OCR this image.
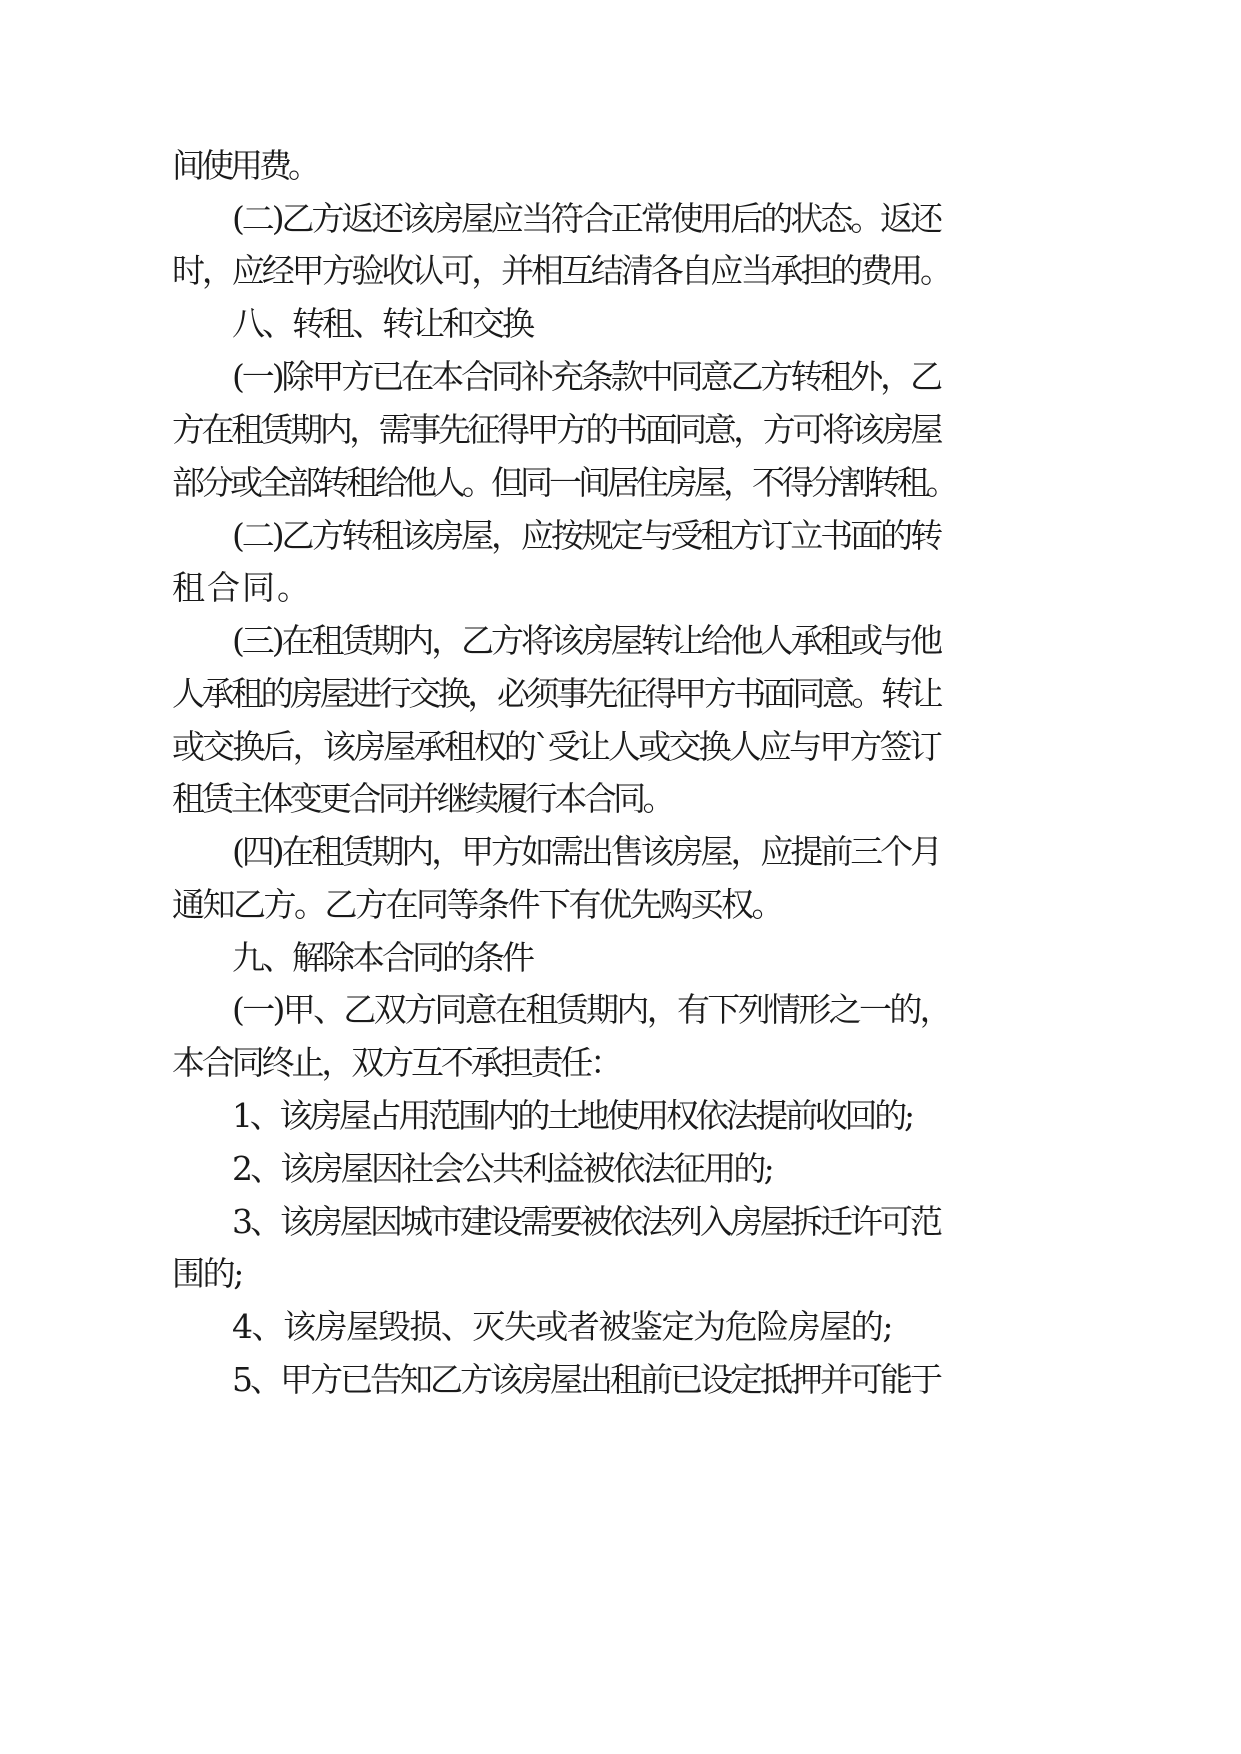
间使用费。
(二)乙方返还该房屋应当符合正常使用后的状态。返还
时，应经甲方验收认可，并相互结清各自应当承担的费用。
八、转租、转让和交换
(一)除甲方已在本合同补充条款中同意乙方转租外，乙
方在租赁期内，需事先征得甲方的书面同意，方可将该房屋
部分或全部转租给他人。但同一间居住房屋，不得分割转租。
(二)乙方转租该房屋，应按规定与受租方订立书面的转
租合同。
(三)在租赁期内，乙方将该房屋转让给他人承租或与他
人承租的房屋进行交换，必须事先征得甲方书面同意。转让
或交换后，该房屋承租权的`受让人或交换人应与甲方签订
租赁主体变更合同并继续履行本合同。
(四)在租赁期内，甲方如需出售该房屋，应提前三个月
通知乙方。乙方在同等条件下有优先购买权。
九、解除本合同的条件
(一)甲、乙双方同意在租赁期内，有下列情形之一的，
本合同终止，双方互不承担责任：
1、该房屋占用范围内的土地使用权依法提前收回的;
2、该房屋因社会公共利益被依法征用的;
3、该房屋因城市建设需要被依法列入房屋拆迁许可范
围的;
4、该房屋毁损、灭失或者被鉴定为危险房屋的;
5、甲方已告知乙方该房屋出租前已设定抵押并可能于
